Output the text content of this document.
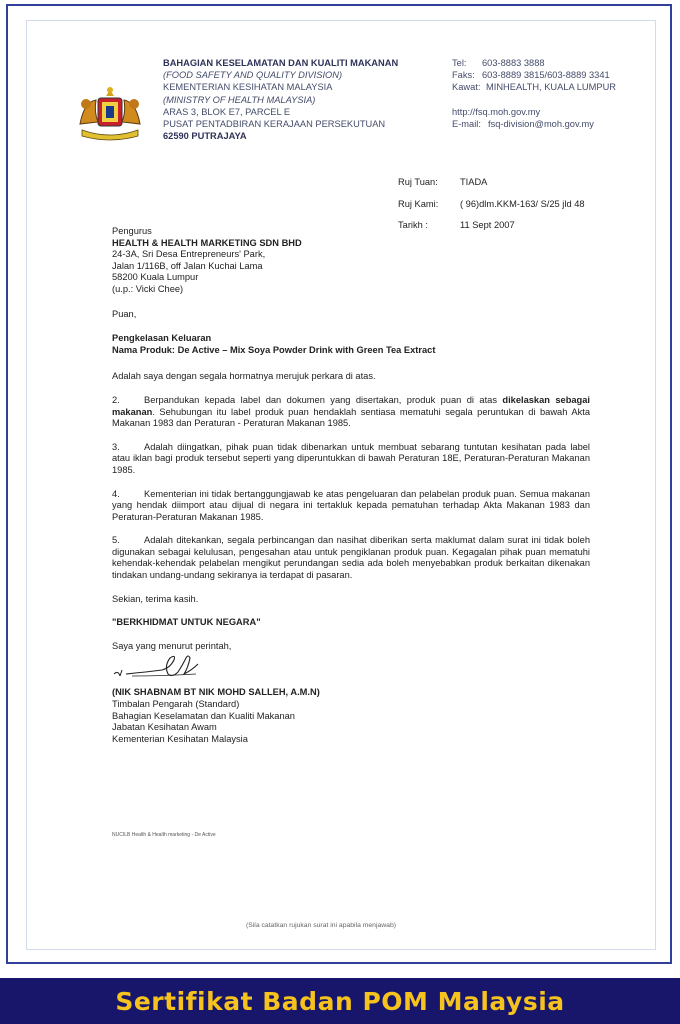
BAHAGIAN KESELAMATAN DAN KUALITI MAKANAN
(FOOD SAFETY AND QUALITY DIVISION)
KEMENTERIAN KESIHATAN MALAYSIA
(MINISTRY OF HEALTH MALAYSIA)
ARAS 3, BLOK E7, PARCEL E
PUSAT PENTADBIRAN KERAJAAN PERSEKUTUAN
62590 PUTRAJAYA
Tel:	603-8883 3888
Faks: 603-8889 3815/603-8889 3341
Kawat: MINHEALTH, KUALA LUMPUR
http://fsq.moh.gov.my
E-mail: fsq-division@moh.gov.my
Ruj Tuan:	TIADA
Ruj Kami:	( 96)dlm.KKM-163/ S/25 jld 48
Tarikh :	11 Sept 2007

Pengurus

HEALTH & HEALTH MARKETING SDN BHD

24-3A, Sri Desa Entrepreneurs' Park,

Jalan 1/116B, off Jalan Kuchai Lama

58200 Kuala Lumpur

(u.p.: Vicki Chee)

Puan,

Pengkelasan Keluaran

Nama Produk: De Active – Mix Soya Powder Drink with Green Tea Extract

Adalah saya dengan segala hormatnya merujuk perkara di atas.

2.	Berpandukan kepada label dan dokumen yang disertakan, produk puan di atas dikelaskan sebagai makanan. Sehubungan itu label produk puan hendaklah sentiasa mematuhi segala peruntukan di bawah Akta Makanan 1983 dan Peraturan - Peraturan Makanan 1985.

3.	Adalah diingatkan, pihak puan tidak dibenarkan untuk membuat sebarang tuntutan kesihatan pada label atau iklan bagi produk tersebut seperti yang diperuntukkan di bawah Peraturan 18E, Peraturan-Peraturan Makanan 1985.

4.	Kementerian ini tidak bertanggungjawab ke atas pengeluaran dan pelabelan produk puan. Semua makanan yang hendak diimport atau dijual di negara ini tertakluk kepada pematuhan terhadap Akta Makanan 1983 dan Peraturan-Peraturan Makanan 1985.

5.	Adalah ditekankan, segala perbincangan dan nasihat diberikan serta maklumat dalam surat ini tidak boleh digunakan sebagai kelulusan, pengesahan atau untuk pengiklanan produk puan. Kegagalan pihak puan mematuhi kehendak-kehendak pelabelan mengikut perundangan sedia ada boleh menyebabkan produk berkaitan dikenakan tindakan undang-undang sekiranya ia terdapat di pasaran.

Sekian, terima kasih.

"BERKHIDMAT UNTUK NEGARA"

Saya yang menurut perintah,

(NIK SHABNAM BT NIK MOHD SALLEH, A.M.N)

Timbalan Pengarah (Standard)

Bahagian Keselamatan dan Kualiti Makanan

Jabatan Kesihatan Awam

Kementerian Kesihatan Malaysia

NUCILB Health & Health marketing - De Active
(Sila catatkan rujukan surat ini apabila menjawab)
Sertifikat Badan POM Malaysia
